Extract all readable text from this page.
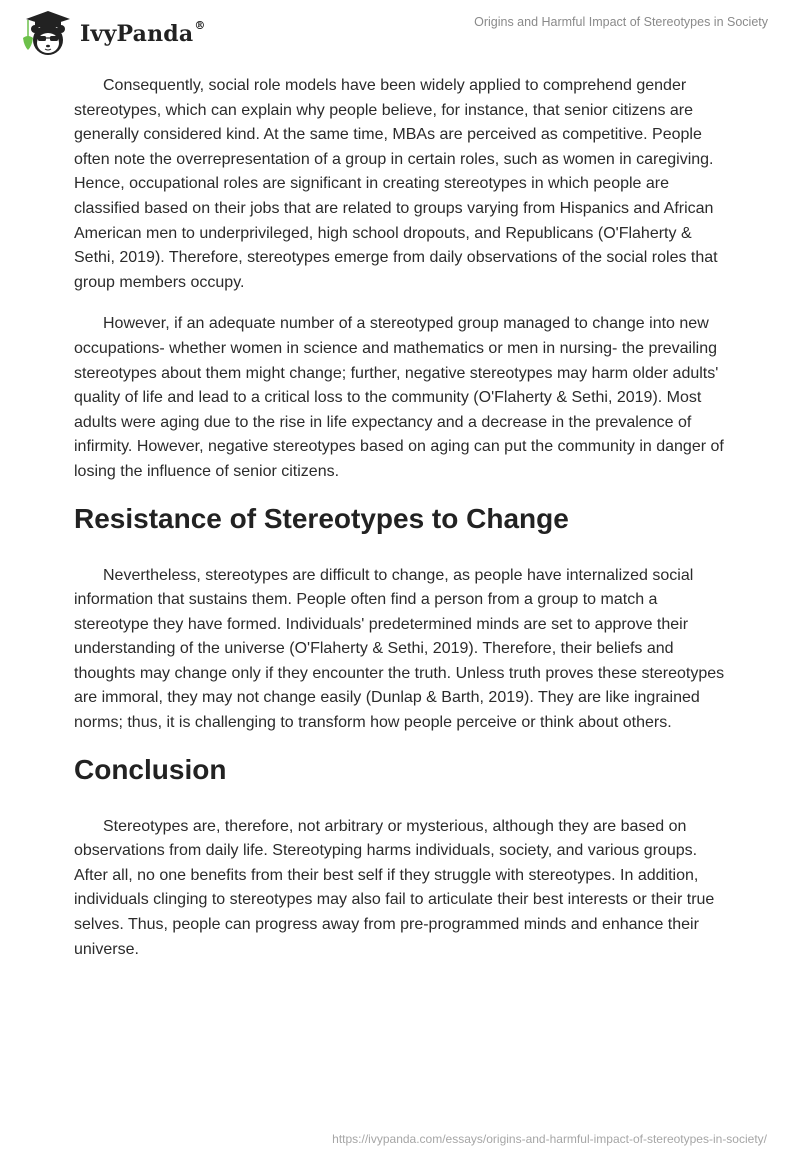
IvyPanda®	Origins and Harmful Impact of Stereotypes in Society

Consequently, social role models have been widely applied to comprehend gender stereotypes, which can explain why people believe, for instance, that senior citizens are generally considered kind. At the same time, MBAs are perceived as competitive. People often note the overrepresentation of a group in certain roles, such as women in caregiving. Hence, occupational roles are significant in creating stereotypes in which people are classified based on their jobs that are related to groups varying from Hispanics and African American men to underprivileged, high school dropouts, and Republicans (O'Flaherty & Sethi, 2019). Therefore, stereotypes emerge from daily observations of the social roles that group members occupy.

However, if an adequate number of a stereotyped group managed to change into new occupations- whether women in science and mathematics or men in nursing- the prevailing stereotypes about them might change; further, negative stereotypes may harm older adults' quality of life and lead to a critical loss to the community (O'Flaherty & Sethi, 2019). Most adults were aging due to the rise in life expectancy and a decrease in the prevalence of infirmity. However, negative stereotypes based on aging can put the community in danger of losing the influence of senior citizens.

Resistance of Stereotypes to Change

Nevertheless, stereotypes are difficult to change, as people have internalized social information that sustains them. People often find a person from a group to match a stereotype they have formed. Individuals' predetermined minds are set to approve their understanding of the universe (O'Flaherty & Sethi, 2019). Therefore, their beliefs and thoughts may change only if they encounter the truth. Unless truth proves these stereotypes are immoral, they may not change easily (Dunlap & Barth, 2019). They are like ingrained norms; thus, it is challenging to transform how people perceive or think about others.

Conclusion

Stereotypes are, therefore, not arbitrary or mysterious, although they are based on observations from daily life. Stereotyping harms individuals, society, and various groups. After all, no one benefits from their best self if they struggle with stereotypes. In addition, individuals clinging to stereotypes may also fail to articulate their best interests or their true selves. Thus, people can progress away from pre-programmed minds and enhance their universe.

https://ivypanda.com/essays/origins-and-harmful-impact-of-stereotypes-in-society/
